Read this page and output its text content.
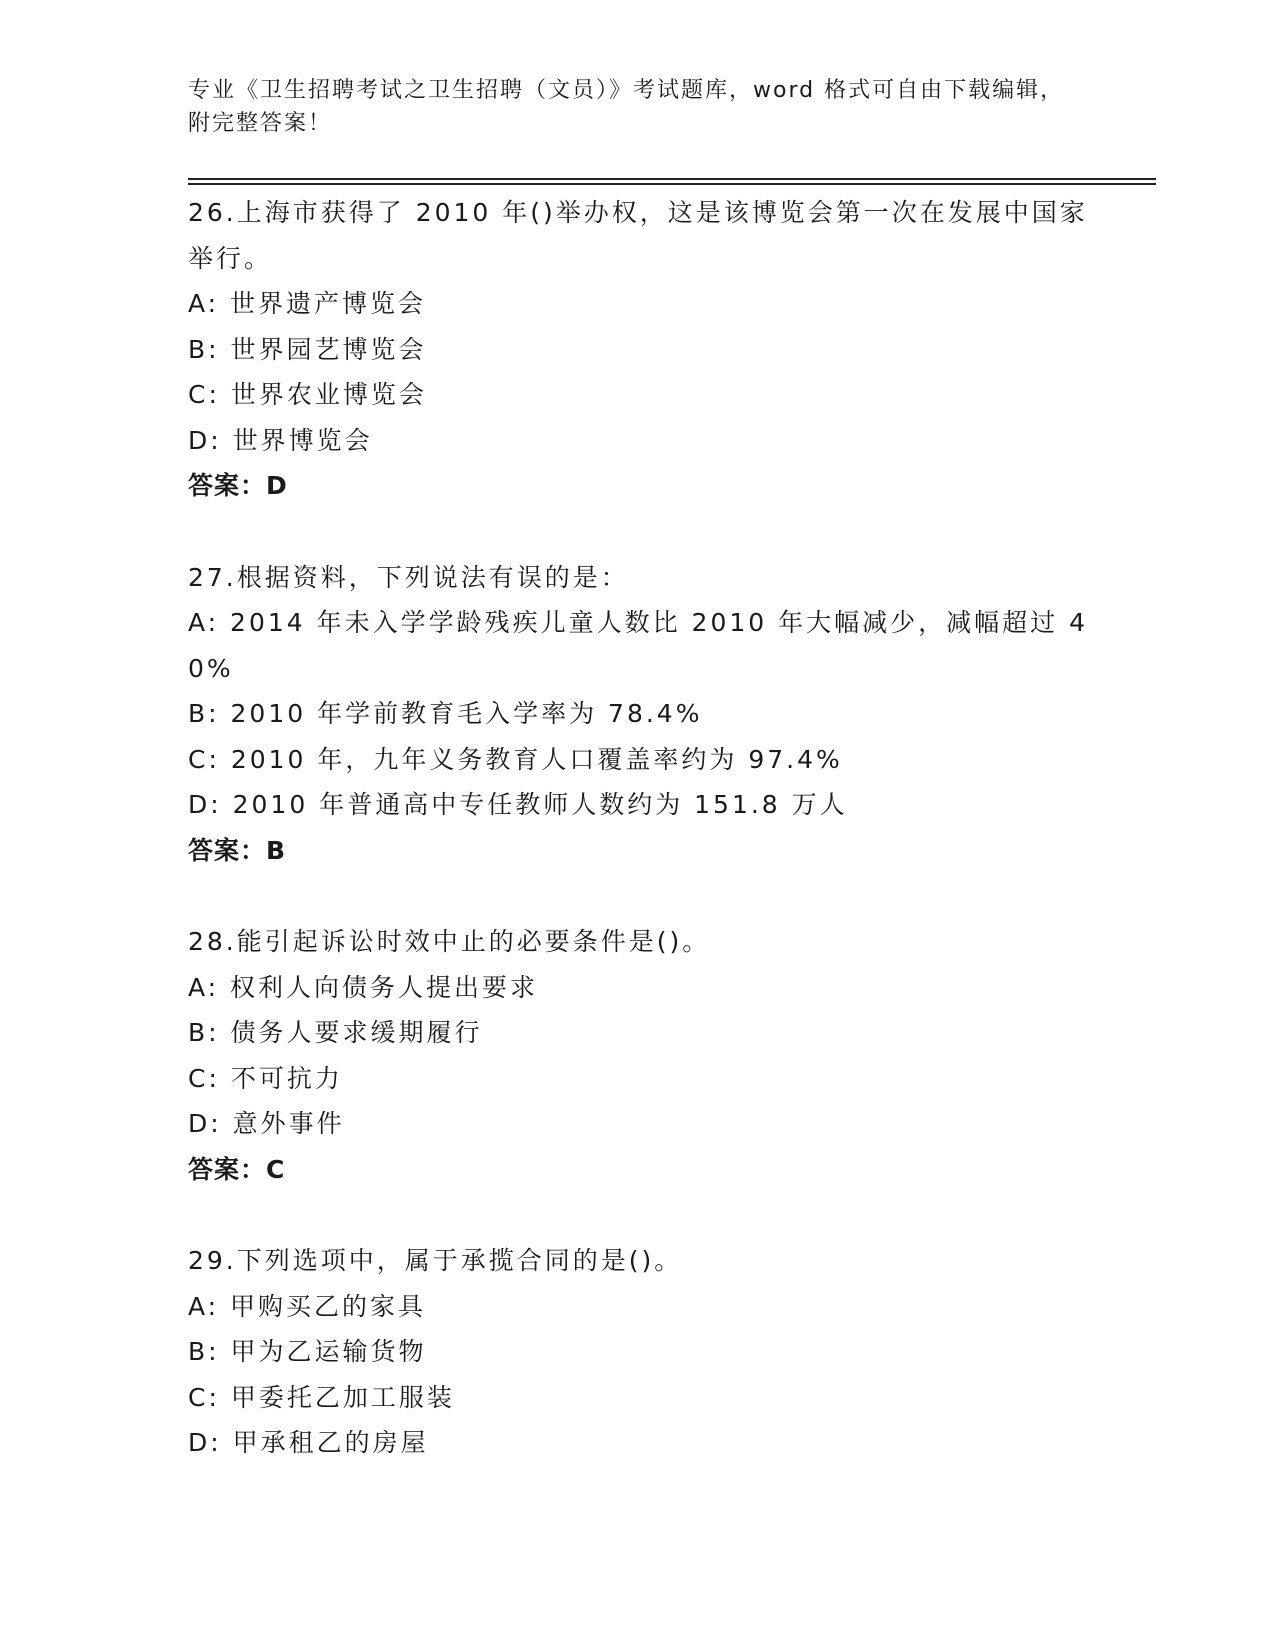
专业《卫生招聘考试之卫生招聘（文员）》考试题库，word 格式可自由下载编辑，附完整答案！
26.上海市获得了 2010 年()举办权，这是该博览会第一次在发展中国家举行。
A: 世界遗产博览会
B: 世界园艺博览会
C: 世界农业博览会
D: 世界博览会
答案：D
27.根据资料，下列说法有误的是：
A: 2014 年未入学学龄残疾儿童人数比 2010 年大幅减少，减幅超过 40%
B: 2010 年学前教育毛入学率为 78.4%
C: 2010 年，九年义务教育人口覆盖率约为 97.4%
D: 2010 年普通高中专任教师人数约为 151.8 万人
答案：B
28.能引起诉讼时效中止的必要条件是()。
A: 权利人向债务人提出要求
B: 债务人要求缓期履行
C: 不可抗力
D: 意外事件
答案：C
29.下列选项中，属于承揽合同的是()。
A: 甲购买乙的家具
B: 甲为乙运输货物
C: 甲委托乙加工服装
D: 甲承租乙的房屋
